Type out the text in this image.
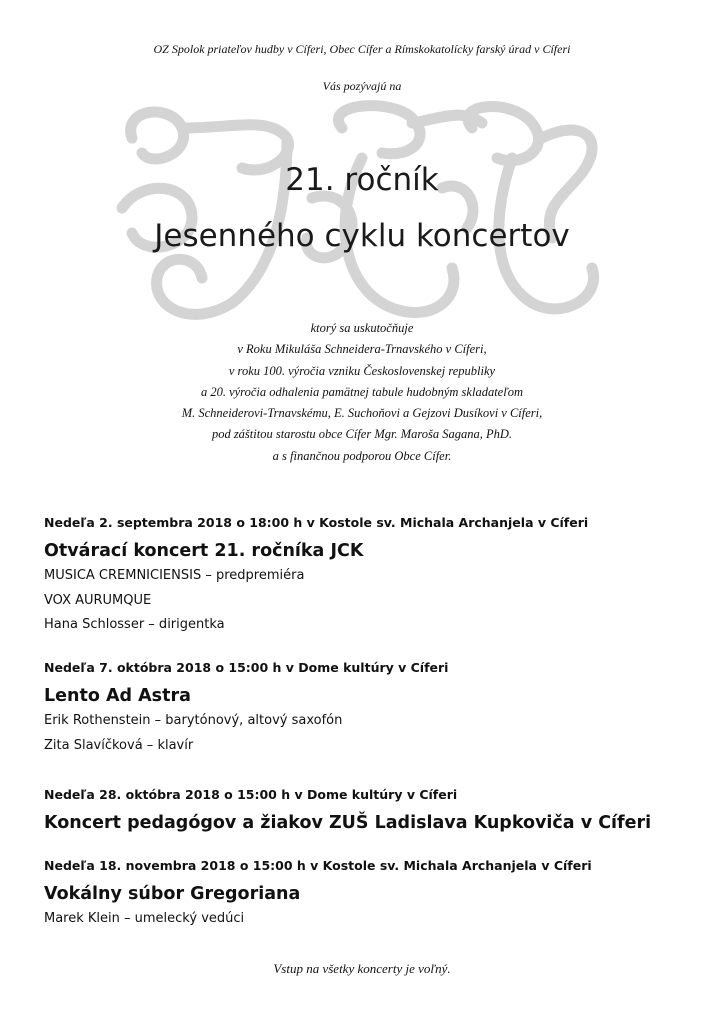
OZ Spolok priateľov hudby v Cíferi, Obec Cífer a Rímskokatolícky farský úrad v Cíferi
Vás pozývajú na
21. ročník
Jesenného cyklu koncertov
ktorý sa uskutočňuje
v Roku Mikuláša Schneidera-Trnavského v Cíferi,
v roku 100. výročia vzniku Československej republiky
a 20. výročia odhalenia pamätnej tabule hudobným skladateľom
M. Schneiderovi-Trnavskému, E. Suchoňovi a Gejzovi Dusíkovi v Cíferi,
pod záštitou starostu obce Cífer Mgr. Maroša Sagana, PhD.
a s finančnou podporou Obce Cífer.
Nedeľa 2. septembra 2018 o 18:00 h v Kostole sv. Michala Archanjela v Cíferi
Otvárací koncert 21. ročníka JCK
MUSICA CREMNICIENSIS – predpremiéra
VOX AURUMQUE
Hana Schlosser – dirigentka
Nedeľa 7. októbra 2018 o 15:00 h v Dome kultúry v Cíferi
Lento Ad Astra
Erik Rothenstein – barytónový, altový saxofón
Zita Slavíčková – klavír
Nedeľa 28. októbra 2018 o 15:00 h v Dome kultúry v Cíferi
Koncert pedagógov a žiakov ZUŠ Ladislava Kupkoviča v Cíferi
Nedeľa 18. novembra 2018 o 15:00 h v Kostole sv. Michala Archanjela v Cíferi
Vokálny súbor Gregoriana
Marek Klein – umelecký vedúci
Vstup na všetky koncerty je voľný.
